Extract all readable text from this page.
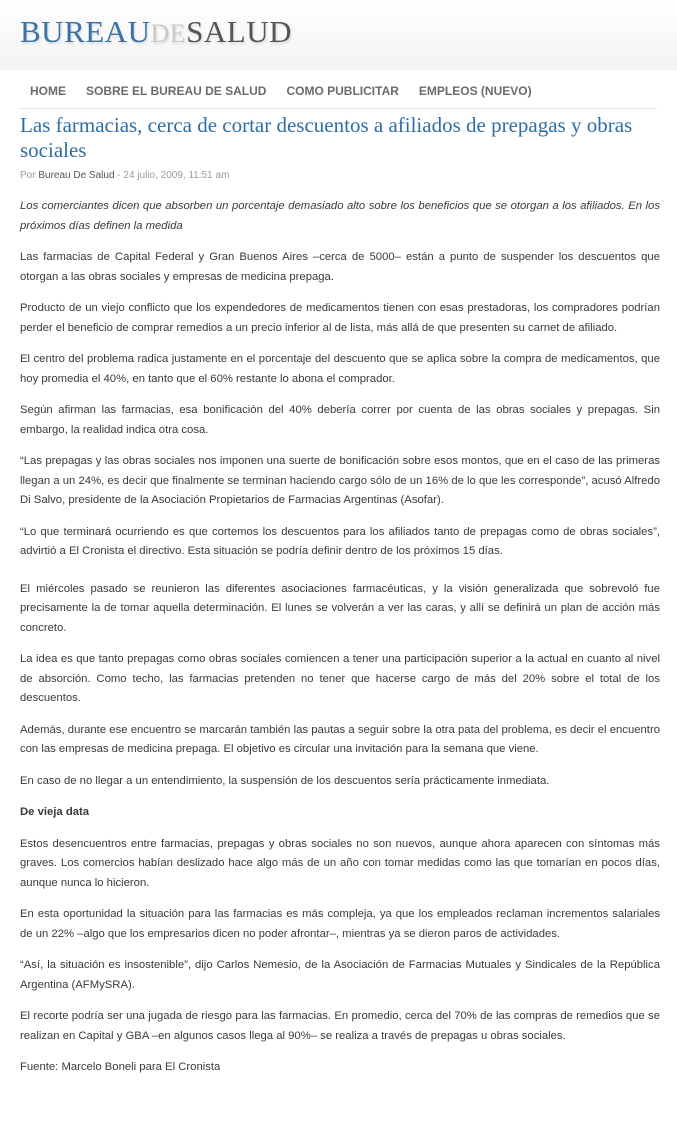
BUREAUDESALUD
HOME	SOBRE EL BUREAU DE SALUD	COMO PUBLICITAR	EMPLEOS (NUEVO)
Las farmacias, cerca de cortar descuentos a afiliados de prepagas y obras sociales
Por Bureau De Salud - 24 julio, 2009, 11:51 am

Los comerciantes dicen que absorben un porcentaje demasiado alto sobre los beneficios que se otorgan a los afiliados. En los próximos días definen la medida

Las farmacias de Capital Federal y Gran Buenos Aires –cerca de 5000– están a punto de suspender los descuentos que otorgan a las obras sociales y empresas de medicina prepaga.

Producto de un viejo conflicto que los expendedores de medicamentos tienen con esas prestadoras, los compradores podrían perder el beneficio de comprar remedios a un precio inferior al de lista, más allá de que presenten su carnet de afiliado.

El centro del problema radica justamente en el porcentaje del descuento que se aplica sobre la compra de medicamentos, que hoy promedia el 40%, en tanto que el 60% restante lo abona el comprador.

Según afirman las farmacias, esa bonificación del 40% debería correr por cuenta de las obras sociales y prepagas. Sin embargo, la realidad indica otra cosa.

“Las prepagas y las obras sociales nos imponen una suerte de bonificación sobre esos montos, que en el caso de las primeras llegan a un 24%, es decir que finalmente se terminan haciendo cargo sólo de un 16% de lo que les corresponde”, acusó Alfredo Di Salvo, presidente de la Asociación Propietarios de Farmacias Argentinas (Asofar).

“Lo que terminará ocurriendo es que cortemos los descuentos para los afiliados tanto de prepagas como de obras sociales”, advirtió a El Cronista el directivo. Esta situación se podría definir dentro de los próximos 15 días.

El miércoles pasado se reunieron las diferentes asociaciones farmacéuticas, y la visión generalizada que sobrevoló fue precisamente la de tomar aquella determinación. El lunes se volverán a ver las caras, y allí se definirá un plan de acción más concreto.

La idea es que tanto prepagas como obras sociales comiencen a tener una participación superior a la actual en cuanto al nivel de absorción. Como techo, las farmacias pretenden no tener que hacerse cargo de más del 20% sobre el total de los descuentos.

Además, durante ese encuentro se marcarán también las pautas a seguir sobre la otra pata del problema, es decir el encuentro con las empresas de medicina prepaga. El objetivo es circular una invitación para la semana que viene.

En caso de no llegar a un entendimiento, la suspensión de los descuentos sería prácticamente inmediata.

De vieja data

Estos desencuentros entre farmacias, prepagas y obras sociales no son nuevos, aunque ahora aparecen con síntomas más graves. Los comercios habían deslizado hace algo más de un año con tomar medidas como las que tomarían en pocos días, aunque nunca lo hicieron.

En esta oportunidad la situación para las farmacias es más compleja, ya que los empleados reclaman incrementos salariales de un 22% –algo que los empresarios dicen no poder afrontar–, mientras ya se dieron paros de actividades.

“Así, la situación es insostenible”, dijo Carlos Nemesio, de la Asociación de Farmacias Mutuales y Sindicales de la República Argentina (AFMySRA).

El recorte podría ser una jugada de riesgo para las farmacias. En promedio, cerca del 70% de las compras de remedios que se realizan en Capital y GBA –en algunos casos llega al 90%– se realiza a través de prepagas u obras sociales.

Fuente: Marcelo Boneli para El Cronista
